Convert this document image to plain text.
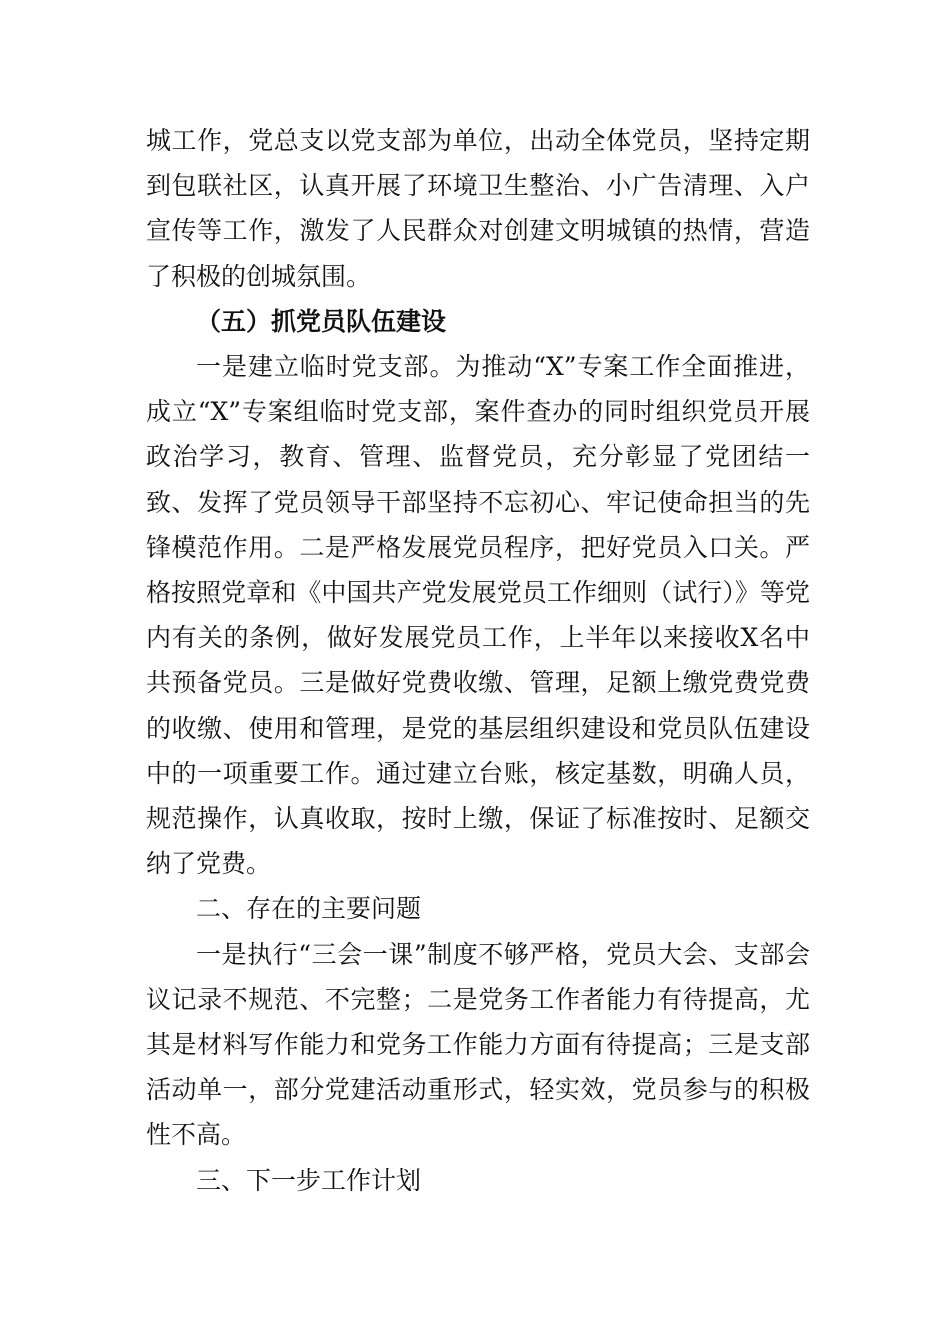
城工作，党总支以党支部为单位，出动全体党员，坚持定期到包联社区，认真开展了环境卫生整治、小广告清理、入户宣传等工作，激发了人民群众对创建文明城镇的热情，营造了积极的创城氛围。

（五）抓党员队伍建设

一是建立临时党支部。为推动“X”专案工作全面推进，成立“X”专案组临时党支部，案件查办的同时组织党员开展政治学习，教育、管理、监督党员，充分彰显了党团结一致、发挥了党员领导干部坚持不忘初心、牢记使命担当的先锋模范作用。二是严格发展党员程序，把好党员入口关。严格按照党章和《中国共产党发展党员工作细则（试行）》等党内有关的条例，做好发展党员工作，上半年以来接收X名中共预备党员。三是做好党费收缴、管理，足额上缴党费党费的收缴、使用和管理，是党的基层组织建设和党员队伍建设中的一项重要工作。通过建立台账，核定基数，明确人员，规范操作，认真收取，按时上缴，保证了标准按时、足额交纳了党费。

二、存在的主要问题

一是执行“三会一课”制度不够严格，党员大会、支部会议记录不规范、不完整；二是党务工作者能力有待提高，尤其是材料写作能力和党务工作能力方面有待提高；三是支部活动单一，部分党建活动重形式，轻实效，党员参与的积极性不高。

三、下一步工作计划
